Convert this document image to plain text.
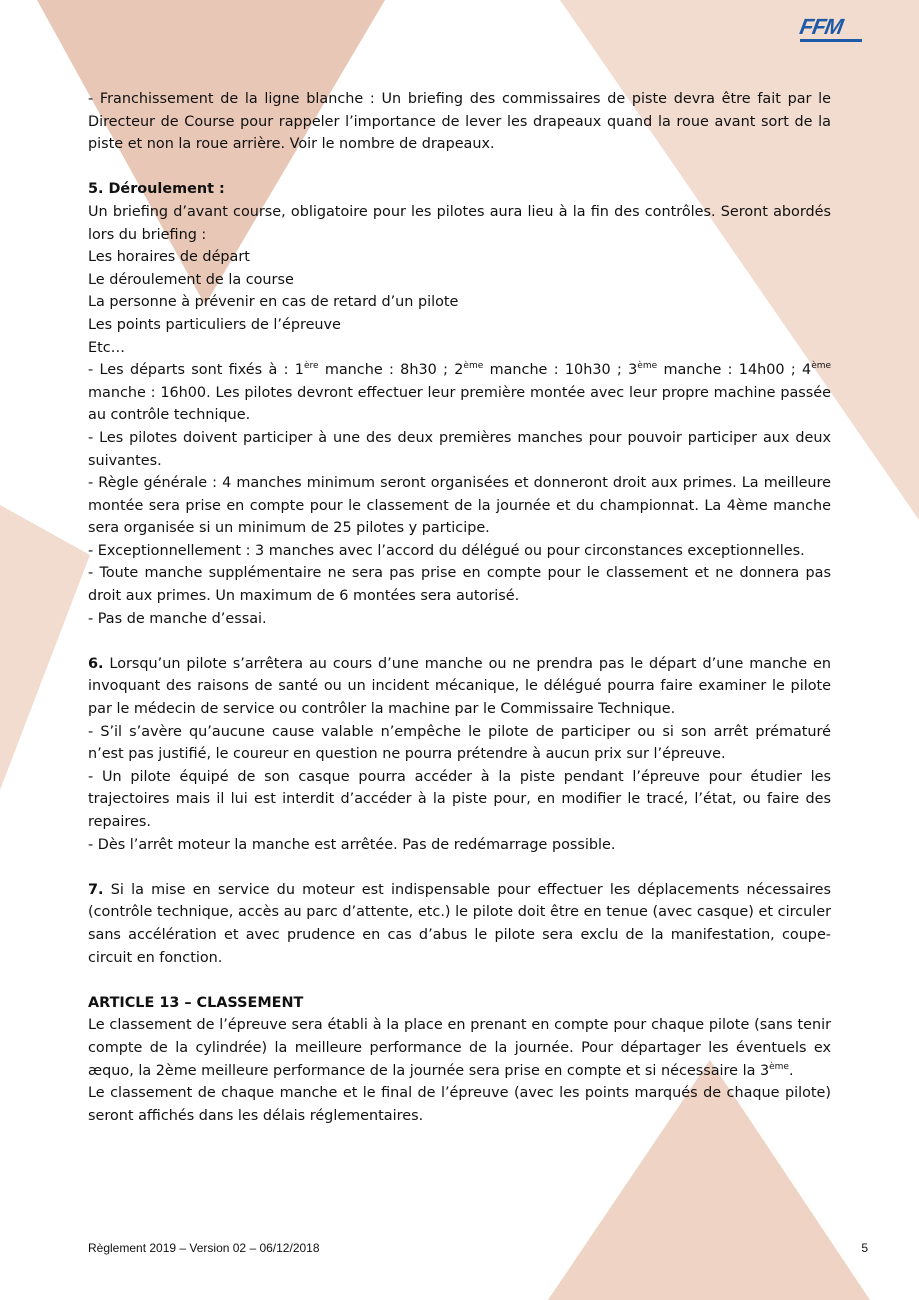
FFM

- Franchissement de la ligne blanche : Un briefing des commissaires de piste devra être fait par le Directeur de Course pour rappeler l’importance de lever les drapeaux quand la roue avant sort de la piste et non la roue arrière. Voir le nombre de drapeaux.

5. Déroulement :

Un briefing d’avant course, obligatoire pour les pilotes aura lieu à la fin des contrôles. Seront abordés lors du briefing :

Les horaires de départ

Le déroulement de la course

La personne à prévenir en cas de retard d’un pilote

Les points particuliers de l’épreuve

Etc…

- Les départs sont fixés à : 1ère manche : 8h30 ; 2ème manche : 10h30 ; 3ème manche : 14h00 ; 4ème manche : 16h00. Les pilotes devront effectuer leur première montée avec leur propre machine passée au contrôle technique.

- Les pilotes doivent participer à une des deux premières manches pour pouvoir participer aux deux suivantes.

- Règle générale : 4 manches minimum seront organisées et donneront droit aux primes. La meilleure montée sera prise en compte pour le classement de la journée et du championnat. La 4ème manche sera organisée si un minimum de 25 pilotes y participe.

- Exceptionnellement : 3 manches avec l’accord du délégué ou pour circonstances exceptionnelles.

- Toute manche supplémentaire ne sera pas prise en compte pour le classement et ne donnera pas droit aux primes. Un maximum de 6 montées sera autorisé.

- Pas de manche d’essai.

6. Lorsqu’un pilote s’arrêtera au cours d’une manche ou ne prendra pas le départ d’une manche en invoquant des raisons de santé ou un incident mécanique, le délégué pourra faire examiner le pilote par le médecin de service ou contrôler la machine par le Commissaire Technique.

- S’il s’avère qu’aucune cause valable n’empêche le pilote de participer ou si son arrêt prématuré n’est pas justifié, le coureur en question ne pourra prétendre à aucun prix sur l’épreuve.

- Un pilote équipé de son casque pourra accéder à la piste pendant l’épreuve pour étudier les trajectoires mais il lui est interdit d’accéder à la piste pour, en modifier le tracé, l’état, ou faire des repaires.

- Dès l’arrêt moteur la manche est arrêtée. Pas de redémarrage possible.

7. Si la mise en service du moteur est indispensable pour effectuer les déplacements nécessaires (contrôle technique, accès au parc d’attente, etc.) le pilote doit être en tenue (avec casque) et circuler sans accélération et avec prudence en cas d’abus le pilote sera exclu de la manifestation, coupe-circuit en fonction.

ARTICLE 13 – CLASSEMENT

Le classement de l’épreuve sera établi à la place en prenant en compte pour chaque pilote (sans tenir compte de la cylindrée) la meilleure performance de la journée. Pour départager les éventuels ex æquo, la 2ème meilleure performance de la journée sera prise en compte et si nécessaire la 3ème.

Le classement de chaque manche et le final de l’épreuve (avec les points marqués de chaque pilote) seront affichés dans les délais réglementaires.

Règlement 2019 – Version 02 – 06/12/2018	5
